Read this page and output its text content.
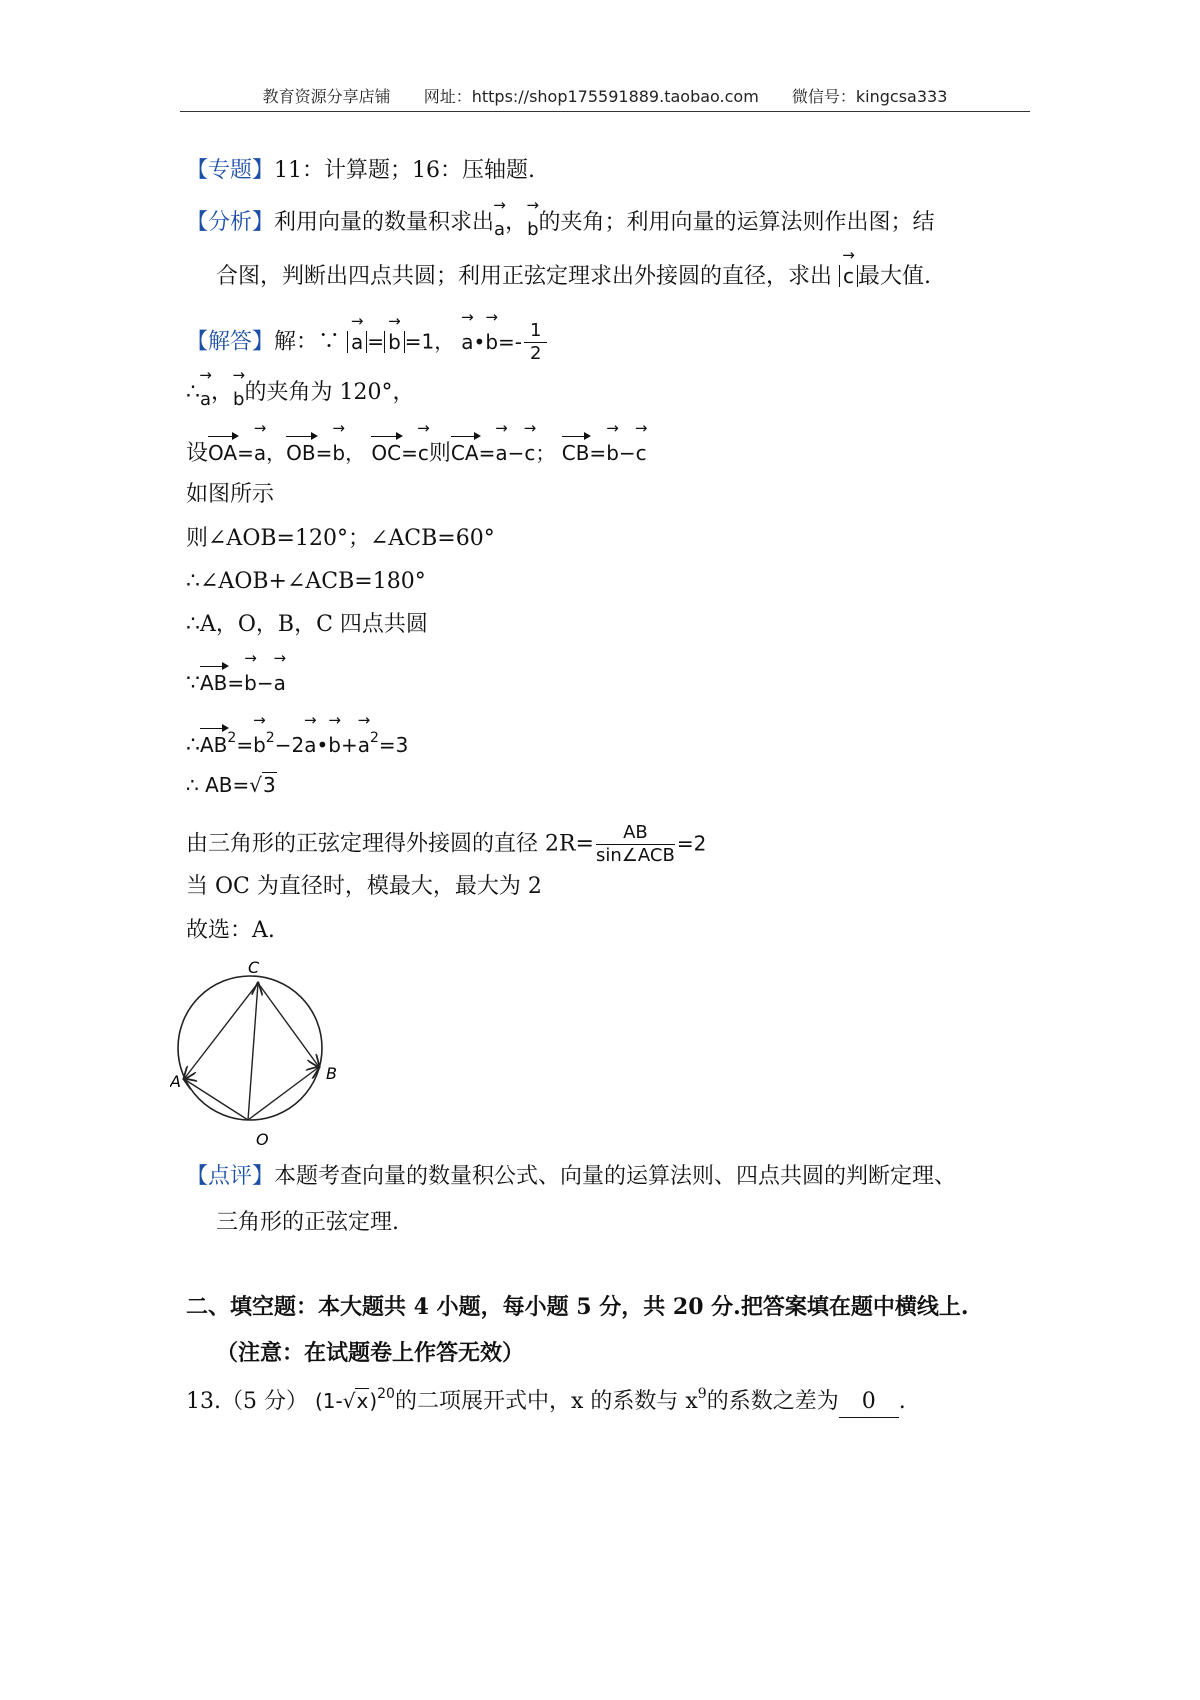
教育资源分享店铺 网址：https://shop175591889.taobao.com 微信号：kingcsa333
【专题】11：计算题；16：压轴题.
【分析】利用向量的数量积求出→ a，→ b的夹角；利用向量的运算法则作出图；结
合图，判断出四点共圆；利用正弦定理求出外接圆的直径，求出 → c 最大值.
【解答】解：∵ → a = → b =1， → a•→ $b=- \frac{1}{2}$
∴→ a，→ b的夹角为 120°，
设OA=→ a，OB=→ b， OC=→ c则CA=→ a−→ c； CB=→ b−→ c
如图所示
则∠AOB=120°；∠ACB=60°
∴∠AOB+∠ACB=180°
∴A，O，B，C 四点共圆
∵AB=→ b−→ a
$\therefore AB^2=\to b^2-2\to$ a•→ $b+\to a^2=3$
∴ AB=√3
由三角形的正弦定理得外接圆的直径 $2R= \frac{AB}{\text{sin∠ACB}} =2$
当 OC 为直径时，模最大，最大为 2
故选：A.
C
A	B
O
【点评】本题考查向量的数量积公式、向量的运算法则、四点共圆的判断定理、
三角形的正弦定理.
二、填空题：本大题共 4 小题，每小题 5 分，共 20 分.把答案填在题中横线上.
（注意：在试题卷上作答无效）
13.（5 分） $(1-√x)^{20}$的二项展开式中，x 的系数与 $x^9$的系数之差为 0 .
